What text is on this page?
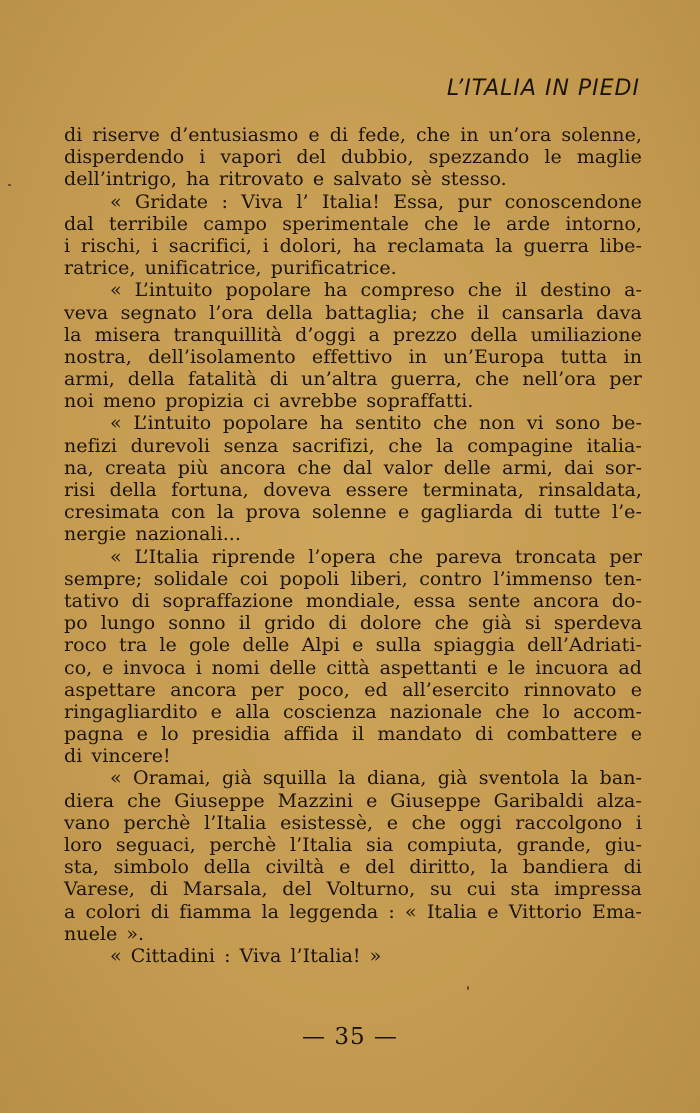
L’ITALIA IN PIEDI
di riserve d’entusiasmo e di fede, che in un’ora solenne,
disperdendo i vapori del dubbio, spezzando le maglie
dell’intrigo, ha ritrovato e salvato sè stesso.
« Gridate : Viva l’ Italia! Essa, pur conoscendone
dal terribile campo sperimentale che le arde intorno,
i rischi, i sacrifici, i dolori, ha reclamata la guerra libe-
ratrice, unificatrice, purificatrice.
« L’intuito popolare ha compreso che il destino a-
veva segnato l’ora della battaglia; che il cansarla dava
la misera tranquillità d’oggi a prezzo della umiliazione
nostra, dell’isolamento effettivo in un’Europa tutta in
armi, della fatalità di un’altra guerra, che nell’ora per
noi meno propizia ci avrebbe sopraffatti.
« L’intuito popolare ha sentito che non vi sono be-
nefizi durevoli senza sacrifizi, che la compagine italia-
na, creata più ancora che dal valor delle armi, dai sor-
risi della fortuna, doveva essere terminata, rinsaldata,
cresimata con la prova solenne e gagliarda di tutte l’e-
nergie nazionali...
« L’Italia riprende l’opera che pareva troncata per
sempre; solidale coi popoli liberi, contro l’immenso ten-
tativo di sopraffazione mondiale, essa sente ancora do-
po lungo sonno il grido di dolore che già si sperdeva
roco tra le gole delle Alpi e sulla spiaggia dell’Adriati-
co, e invoca i nomi delle città aspettanti e le incuora ad
aspettare ancora per poco, ed all’esercito rinnovato e
ringagliardito e alla coscienza nazionale che lo accom-
pagna e lo presidia affida il mandato di combattere e
di vincere!
« Oramai, già squilla la diana, già sventola la ban-
diera che Giuseppe Mazzini e Giuseppe Garibaldi alza-
vano perchè l’Italia esistessè, e che oggi raccolgono i
loro seguaci, perchè l’Italia sia compiuta, grande, giu-
sta, simbolo della civiltà e del diritto, la bandiera di
Varese, di Marsala, del Volturno, su cui sta impressa
a colori di fiamma la leggenda : « Italia e Vittorio Ema-
nuele ».
« Cittadini : Viva l’Italia! »
— 35 —
